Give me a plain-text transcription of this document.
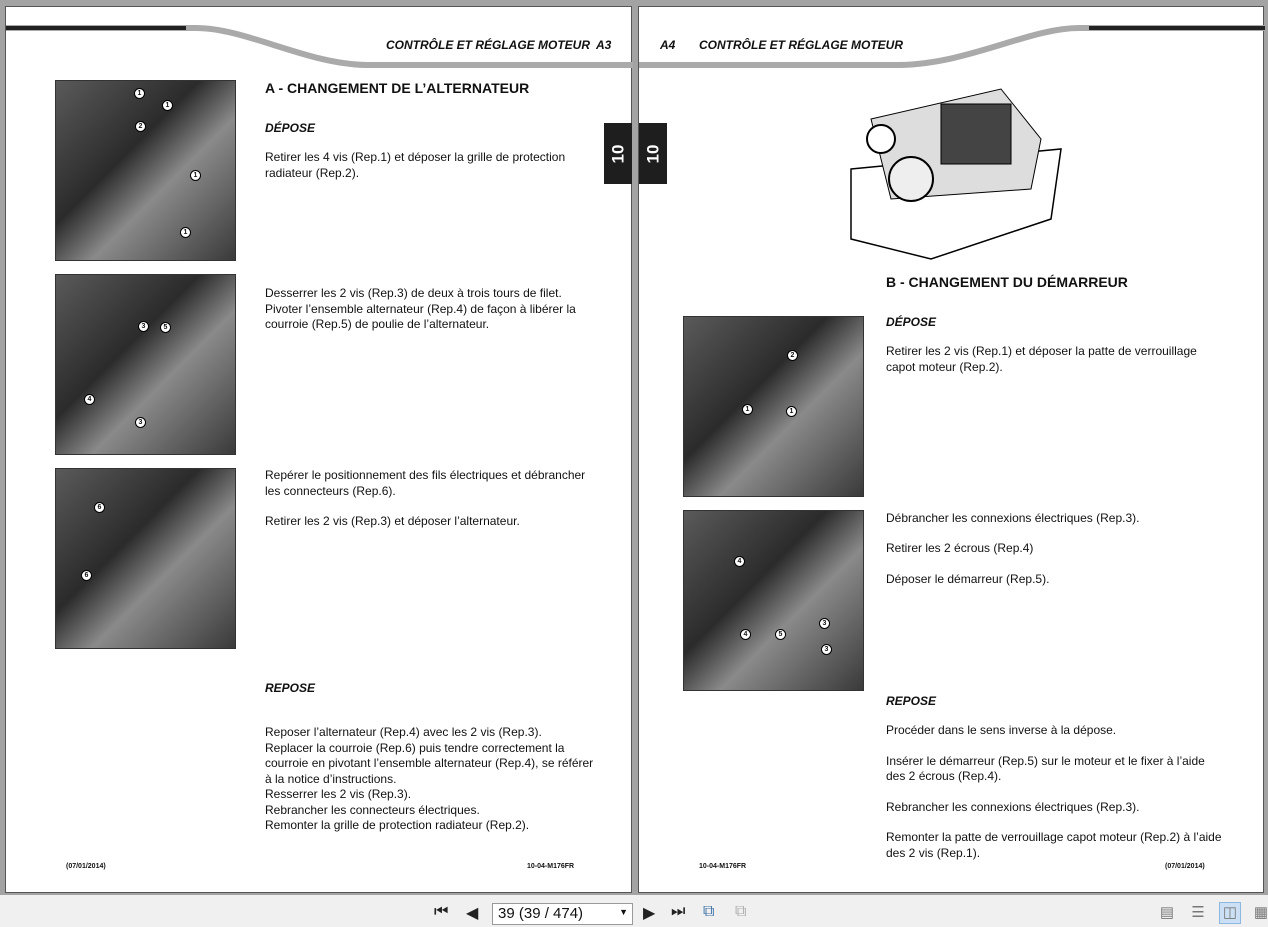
CONTRÔLE ET RÉGLAGE MOTEUR A3
10
1
1
2
1
1
3	5
4
3
6
6
A - CHANGEMENT DE L’ALTERNATEUR
DÉPOSE
Retirer les 4 vis (Rep.1) et déposer la grille de protection radiateur (Rep.2).
Desserrer les 2 vis (Rep.3) de deux à trois tours de filet. Pivoter l’ensemble alternateur (Rep.4) de façon à libérer la courroie (Rep.5) de poulie de l’alternateur.
Repérer le positionnement des fils électriques et débrancher les connecteurs (Rep.6).
Retirer les 2 vis (Rep.3) et déposer l’alternateur.
REPOSE
Reposer l’alternateur (Rep.4) avec les 2 vis (Rep.3).
Replacer la courroie (Rep.6) puis tendre correctement la courroie en pivotant l’ensemble alternateur (Rep.4), se référer à la notice d’instructions.
Resserrer les 2 vis (Rep.3).
Rebrancher les connecteurs électriques.
Remonter la grille de protection radiateur (Rep.2).
(07/01/2014)	10-04-M176FR
A4 CONTRÔLE ET RÉGLAGE MOTEUR
10
2
1	1
4
4	5
3
3
B - CHANGEMENT DU DÉMARREUR
DÉPOSE
Retirer les 2 vis (Rep.1) et déposer la patte de verrouillage capot moteur (Rep.2).
Débrancher les connexions électriques (Rep.3).
Retirer les 2 écrous (Rep.4)
Déposer le démarreur (Rep.5).
REPOSE

Procéder dans le sens inverse à la dépose.

Insérer le démarreur (Rep.5) sur le moteur et le fixer à l’aide des 2 écrous (Rep.4).

Rebrancher les connexions électriques (Rep.3).

Remonter la patte de verrouillage capot moteur (Rep.2) à l’aide des 2 vis (Rep.1).

10-04-M176FR	(07/01/2014)
⏮ ◀	39 (39 / 474)	▼ ▶ ⏭ ⧉ ⧉	▤ ☰ ◫ ▦
